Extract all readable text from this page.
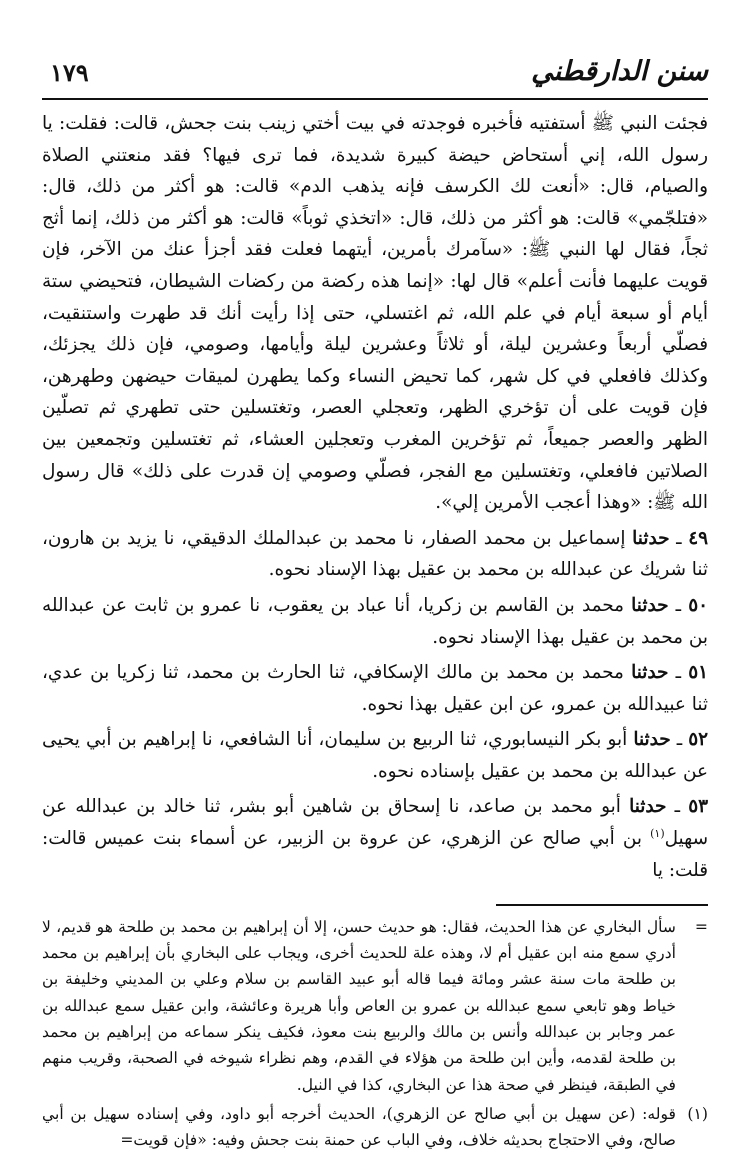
سنن الدارقطني
١٧٩

فجئت النبي ﷺ أستفتيه فأخبره فوجدته في بيت أختي زينب بنت جحش، قالت: فقلت: يا رسول الله، إني أستحاض حيضة كبيرة شديدة، فما ترى فيها؟ فقد منعتني الصلاة والصيام، قال: «أنعت لك الكرسف فإنه يذهب الدم» قالت: هو أكثر من ذلك، قال: «فتلجّمي» قالت: هو أكثر من ذلك، قال: «اتخذي ثوباً» قالت: هو أكثر من ذلك، إنما أثج ثجاً، فقال لها النبي ﷺ: «سآمرك بأمرين، أيتهما فعلت فقد أجزأ عنك من الآخر، فإن قويت عليهما فأنت أعلم» قال لها: «إنما هذه ركضة من ركضات الشيطان، فتحيضي ستة أيام أو سبعة أيام في علم الله، ثم اغتسلي، حتى إذا رأيت أنك قد طهرت واستنقيت، فصلّي أربعاً وعشرين ليلة، أو ثلاثاً وعشرين ليلة وأيامها، وصومي، فإن ذلك يجزئك، وكذلك فافعلي في كل شهر، كما تحيض النساء وكما يطهرن لميقات حيضهن وطهرهن، فإن قويت على أن تؤخري الظهر، وتعجلي العصر، وتغتسلين حتى تطهري ثم تصلّين الظهر والعصر جميعاً، ثم تؤخرين المغرب وتعجلين العشاء، ثم تغتسلين وتجمعين بين الصلاتين فافعلي، وتغتسلين مع الفجر، فصلّي وصومي إن قدرت على ذلك» قال رسول الله ﷺ: «وهذا أعجب الأمرين إلي».

٤٩ ـ حدثنا إسماعيل بن محمد الصفار، نا محمد بن عبدالملك الدقيقي، نا يزيد بن هارون، ثنا شريك عن عبدالله بن محمد بن عقيل بهذا الإسناد نحوه.

٥٠ ـ حدثنا محمد بن القاسم بن زكريا، أنا عباد بن يعقوب، نا عمرو بن ثابت عن عبدالله بن محمد بن عقيل بهذا الإسناد نحوه.

٥١ ـ حدثنا محمد بن محمد بن مالك الإسكافي، ثنا الحارث بن محمد، ثنا زكريا بن عدي، ثنا عبيدالله بن عمرو، عن ابن عقيل بهذا نحوه.

٥٢ ـ حدثنا أبو بكر النيسابوري، ثنا الربيع بن سليمان، أنا الشافعي، نا إبراهيم بن أبي يحيى عن عبدالله بن محمد بن عقيل بإسناده نحوه.

٥٣ ـ حدثنا أبو محمد بن صاعد، نا إسحاق بن شاهين أبو بشر، ثنا خالد بن عبدالله عن سهيل$^{(١)}$ بن أبي صالح عن الزهري، عن عروة بن الزبير، عن أسماء بنت عميس قالت: قلت: يا

=

سأل البخاري عن هذا الحديث، فقال: هو حديث حسن، إلا أن إبراهيم بن محمد بن طلحة هو قديم، لا أدري سمع منه ابن عقيل أم لا، وهذه علة للحديث أخرى، ويجاب على البخاري بأن إبراهيم بن محمد بن طلحة مات سنة عشر ومائة فيما قاله أبو عبيد القاسم بن سلام وعلي بن المديني وخليفة بن خياط وهو تابعي سمع عبدالله بن عمرو بن العاص وأبا هريرة وعائشة، وابن عقيل سمع عبدالله بن عمر وجابر بن عبدالله وأنس بن مالك والربيع بنت معوذ، فكيف ينكر سماعه من إبراهيم بن محمد بن طلحة لقدمه، وأين ابن طلحة من هؤلاء في القدم، وهم نظراء شيوخه في الصحبة، وقريب منهم في الطبقة، فينظر في صحة هذا عن البخاري، كذا في النيل.

(١)

قوله: (عن سهيل بن أبي صالح عن الزهري)، الحديث أخرجه أبو داود، وفي إسناده سهيل بن أبي صالح، وفي الاحتجاج بحديثه خلاف، وفي الباب عن حمنة بنت جحش وفيه: «فإن قويت=
